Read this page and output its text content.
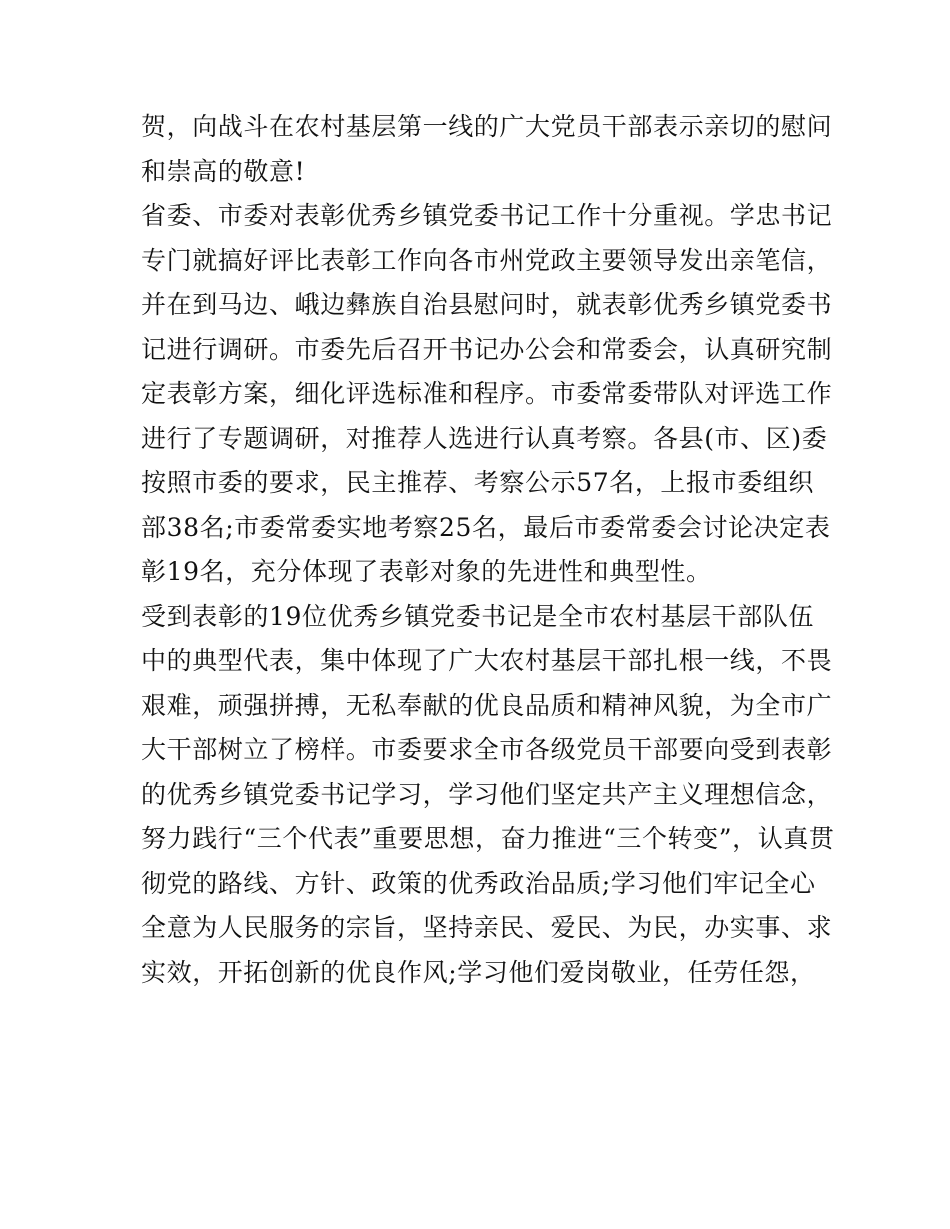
贺，向战斗在农村基层第一线的广大党员干部表示亲切的慰问
和崇高的敬意!
省委、市委对表彰优秀乡镇党委书记工作十分重视。学忠书记
专门就搞好评比表彰工作向各市州党政主要领导发出亲笔信，
并在到马边、峨边彝族自治县慰问时，就表彰优秀乡镇党委书
记进行调研。市委先后召开书记办公会和常委会，认真研究制
定表彰方案，细化评选标准和程序。市委常委带队对评选工作
进行了专题调研，对推荐人选进行认真考察。各县(市、区)委
按照市委的要求，民主推荐、考察公示57名，上报市委组织
部38名;市委常委实地考察25名，最后市委常委会讨论决定表
彰19名，充分体现了表彰对象的先进性和典型性。
受到表彰的19位优秀乡镇党委书记是全市农村基层干部队伍
中的典型代表，集中体现了广大农村基层干部扎根一线，不畏
艰难，顽强拼搏，无私奉献的优良品质和精神风貌，为全市广
大干部树立了榜样。市委要求全市各级党员干部要向受到表彰
的优秀乡镇党委书记学习，学习他们坚定共产主义理想信念，
努力践行“三个代表”重要思想，奋力推进“三个转变”，认真贯
彻党的路线、方针、政策的优秀政治品质;学习他们牢记全心
全意为人民服务的宗旨，坚持亲民、爱民、为民，办实事、求
实效，开拓创新的优良作风;学习他们爱岗敬业，任劳任怨，
